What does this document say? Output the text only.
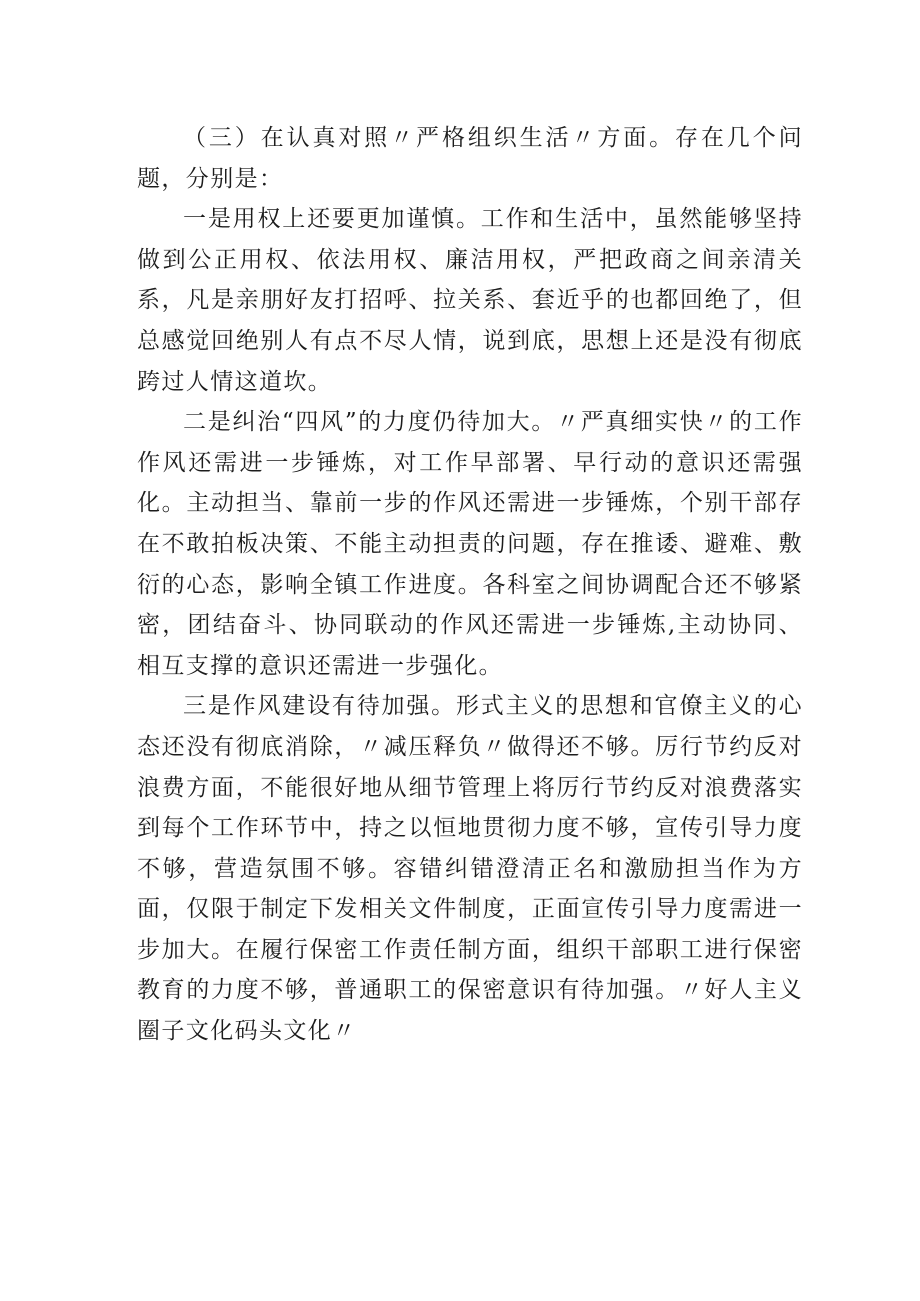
（三）在认真对照〃严格组织生活〃方面。存在几个问题，分别是：

一是用权上还要更加谨慎。工作和生活中，虽然能够坚持做到公正用权、依法用权、廉洁用权，严把政商之间亲清关系，凡是亲朋好友打招呼、拉关系、套近乎的也都回绝了，但总感觉回绝别人有点不尽人情，说到底，思想上还是没有彻底跨过人情这道坎。

二是纠治“四风”的力度仍待加大。〃严真细实快〃的工作作风还需进一步锤炼，对工作早部署、早行动的意识还需强化。主动担当、靠前一步的作风还需进一步锤炼，个别干部存在不敢拍板决策、不能主动担责的问题，存在推诿、避难、敷衍的心态，影响全镇工作进度。各科室之间协调配合还不够紧密，团结奋斗、协同联动的作风还需进一步锤炼,主动协同、相互支撑的意识还需进一步强化。

三是作风建设有待加强。形式主义的思想和官僚主义的心态还没有彻底消除，〃减压释负〃做得还不够。厉行节约反对浪费方面，不能很好地从细节管理上将厉行节约反对浪费落实到每个工作环节中，持之以恒地贯彻力度不够，宣传引导力度不够，营造氛围不够。容错纠错澄清正名和激励担当作为方面，仅限于制定下发相关文件制度，正面宣传引导力度需进一步加大。在履行保密工作责任制方面，组织干部职工进行保密教育的力度不够，普通职工的保密意识有待加强。〃好人主义圈子文化码头文化〃
